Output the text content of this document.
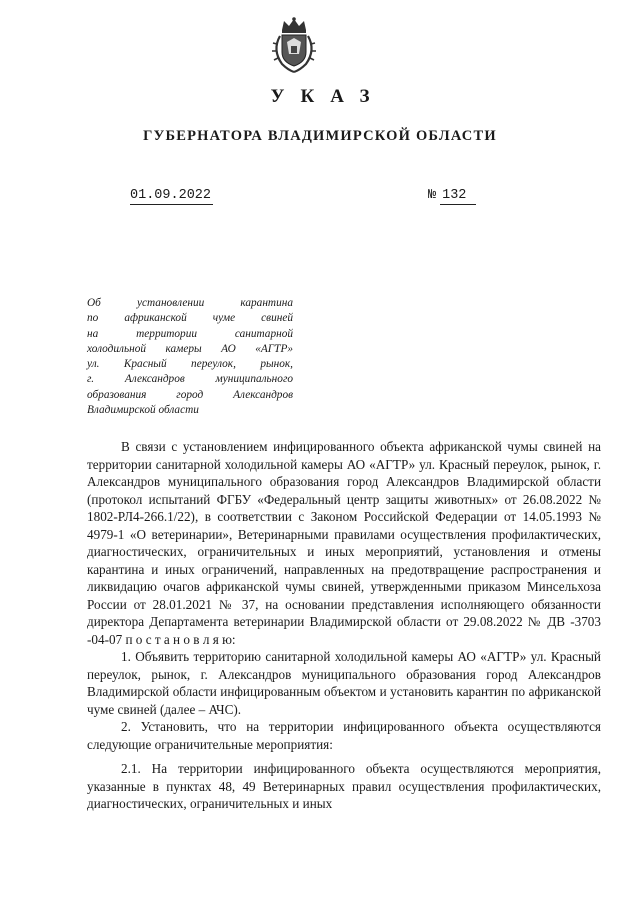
УКАЗ
ГУБЕРНАТОРА ВЛАДИМИРСКОЙ ОБЛАСТИ
01.09.2022	№ 132
Об установлении карантина
по африканской чуме свиней
на территории санитарной
холодильной камеры АО «АГТР»
ул. Красный переулок, рынок,
г. Александров муниципального
образования город Александров
Владимирской области

В связи с установлением инфицированного объекта африканской чумы свиней на территории санитарной холодильной камеры АО «АГТР» ул. Красный переулок, рынок, г. Александров муниципального образования город Александров Владимирской области (протокол испытаний ФГБУ «Федеральный центр защиты животных» от 26.08.2022 № 1802-РЛ4-266.1/22), в соответствии с Законом Российской Федерации от 14.05.1993 № 4979-1 «О ветеринарии», Ветеринарными правилами осуществления профилактических, диагностических, ограничительных и иных мероприятий, установления и отмены карантина и иных ограничений, направленных на предотвращение распространения и ликвидацию очагов африканской чумы свиней, утвержденными приказом Минсельхоза России от 28.01.2021 № 37, на основании представления исполняющего обязанности директора Департамента ветеринарии Владимирской области от 29.08.2022 № ДВ -3703 -04-07 п о с т а н о в л я ю:

1. Объявить территорию санитарной холодильной камеры АО «АГТР» ул. Красный переулок, рынок, г. Александров муниципального образования город Александров Владимирской области инфицированным объектом и установить карантин по африканской чуме свиней (далее – АЧС).

2. Установить, что на территории инфицированного объекта осуществляются следующие ограничительные мероприятия:

2.1. На территории инфицированного объекта осуществляются мероприятия, указанные в пунктах 48, 49 Ветеринарных правил осуществления профилактических, диагностических, ограничительных и иных
